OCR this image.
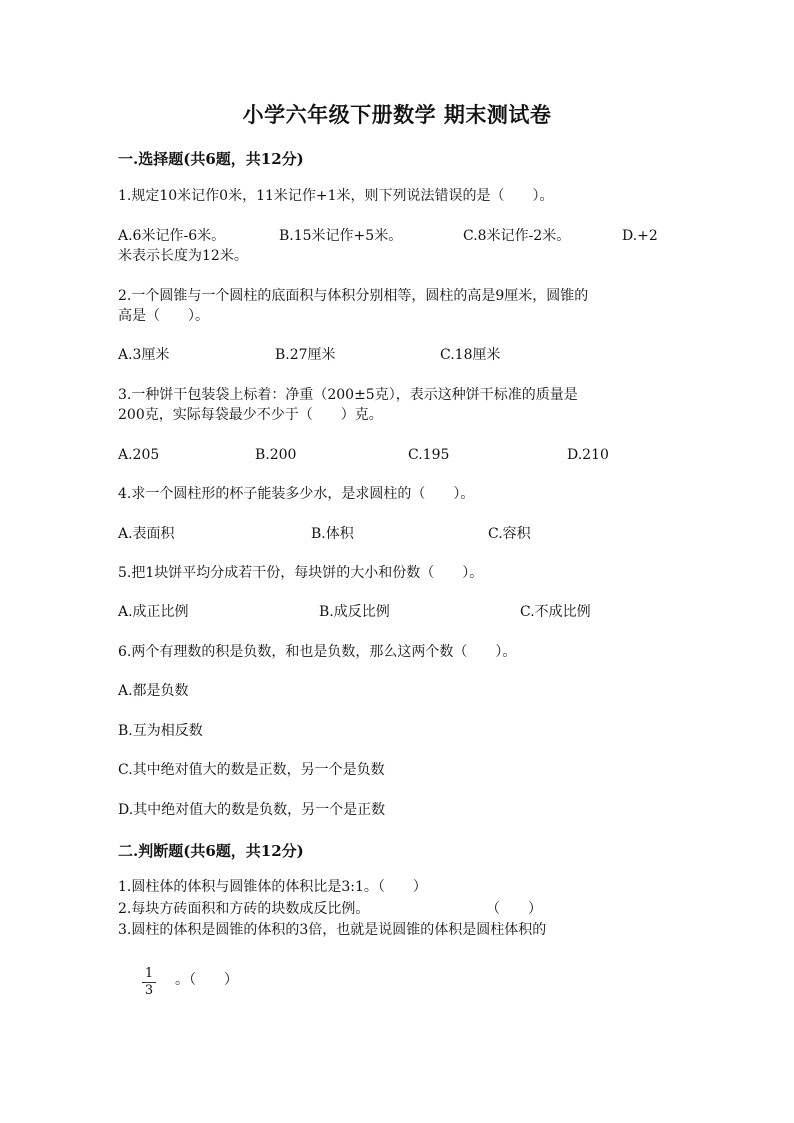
小学六年级下册数学 期末测试卷
一.选择题(共6题，共12分)
1.规定10米记作0米，11米记作+1米，则下列说法错误的是（　　）。
A.6米记作-6米。	B.15米记作+5米。	C.8米记作-2米。	D.+2
米表示长度为12米。
2.一个圆锥与一个圆柱的底面积与体积分别相等，圆柱的高是9厘米，圆锥的
高是（　　）。
A.3厘米	B.27厘米	C.18厘米
3.一种饼干包装袋上标着：净重（200±5克），表示这种饼干标准的质量是
200克，实际每袋最少不少于（　　）克。
A.205	B.200	C.195	D.210
4.求一个圆柱形的杯子能装多少水，是求圆柱的（　　）。
A.表面积	B.体积	C.容积
5.把1块饼平均分成若干份，每块饼的大小和份数（　　）。
A.成正比例	B.成反比例	C.不成比例
6.两个有理数的积是负数，和也是负数，那么这两个数（　　）。
A.都是负数
B.互为相反数
C.其中绝对值大的数是正数，另一个是负数
D.其中绝对值大的数是负数，另一个是正数
二.判断题(共6题，共12分)
1.圆柱体的体积与圆锥体的体积比是3:1。（　　）
2.每块方砖面积和方砖的块数成反比例。	（　　）
3.圆柱的体积是圆锥的体积的3倍，也就是说圆锥的体积是圆柱体积的
1
3
。（　　）
